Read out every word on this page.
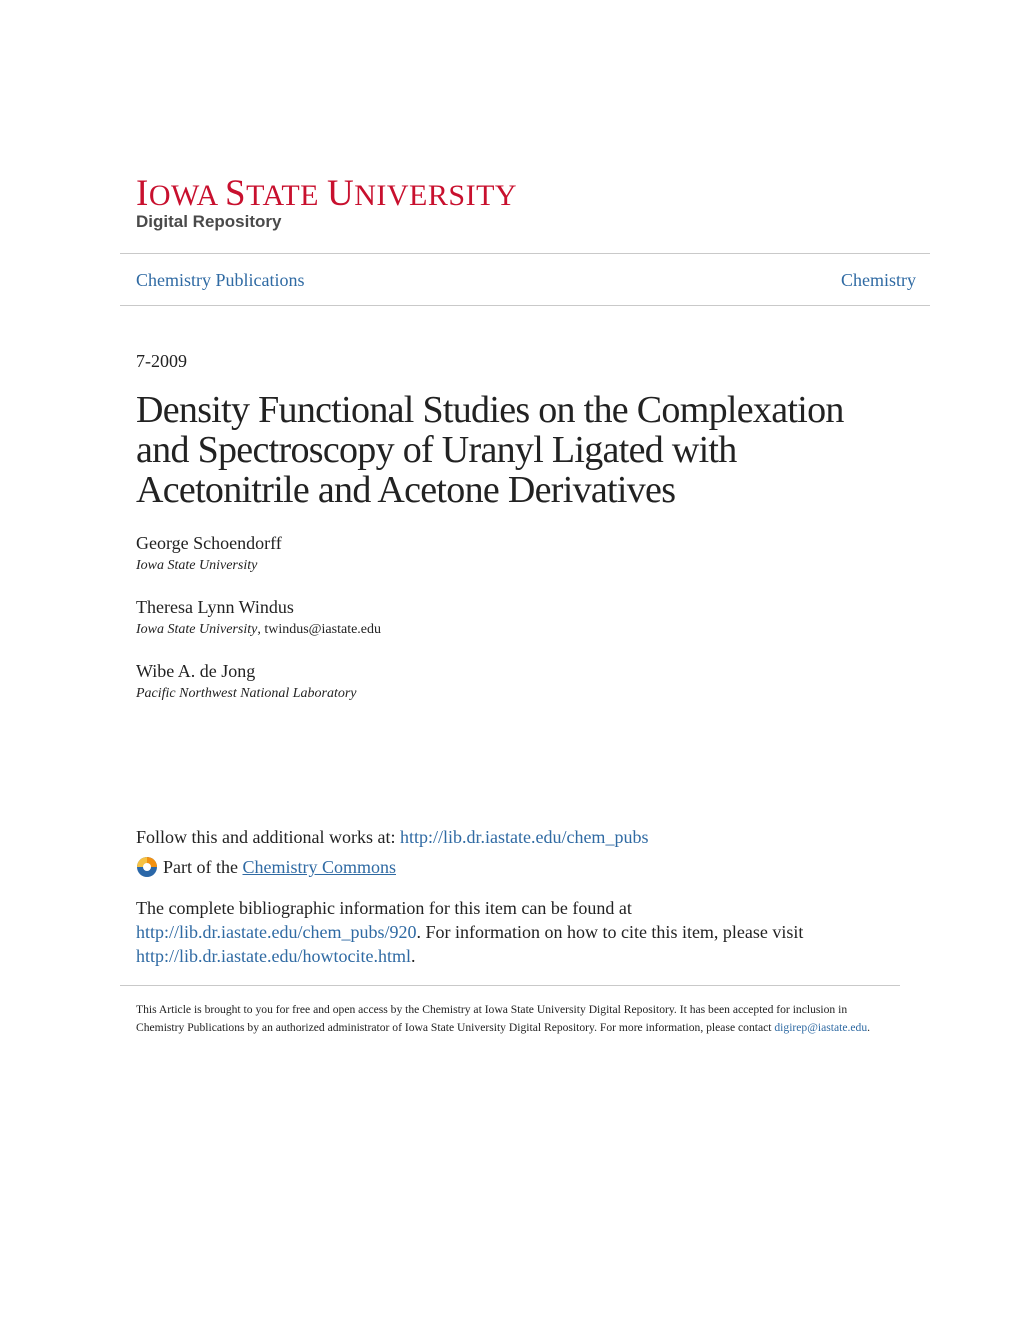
IOWA STATE UNIVERSITY
Digital Repository
Chemistry Publications	Chemistry
7-2009
Density Functional Studies on the Complexation and Spectroscopy of Uranyl Ligated with Acetonitrile and Acetone Derivatives
George Schoendorff
Iowa State University
Theresa Lynn Windus
Iowa State University, twindus@iastate.edu
Wibe A. de Jong
Pacific Northwest National Laboratory
Follow this and additional works at: http://lib.dr.iastate.edu/chem_pubs
Part of the
Chemistry Commons

The complete bibliographic information for this item can be found at http://lib.dr.iastate.edu/chem_pubs/920. For information on how to cite this item, please visit http://lib.dr.iastate.edu/howtocite.html.

This Article is brought to you for free and open access by the Chemistry at Iowa State University Digital Repository. It has been accepted for inclusion in Chemistry Publications by an authorized administrator of Iowa State University Digital Repository. For more information, please contact digirep@iastate.edu.
